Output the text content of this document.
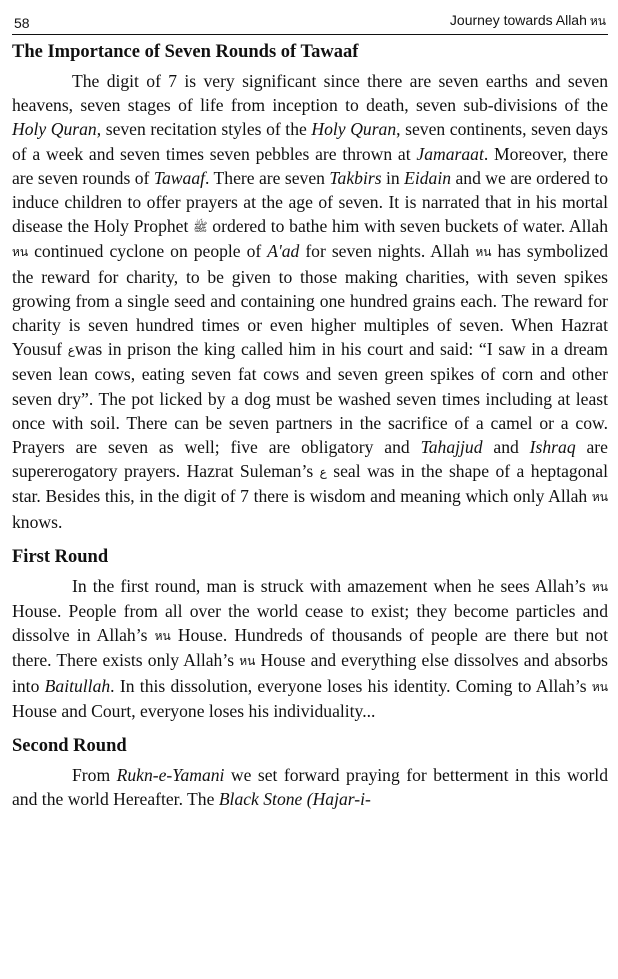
58	Journey towards Allah หน
The Importance of Seven Rounds of Tawaaf

The digit of 7 is very significant since there are seven earths and seven heavens, seven stages of life from inception to death, seven sub-divisions of the Holy Quran, seven recitation styles of the Holy Quran, seven continents, seven days of a week and seven times seven pebbles are thrown at Jamaraat. Moreover, there are seven rounds of Tawaaf. There are seven Takbirs in Eidain and we are ordered to induce children to offer prayers at the age of seven. It is narrated that in his mortal disease the Holy Prophet ﷺ ordered to bathe him with seven buckets of water. Allah หน continued cyclone on people of A'ad for seven nights. Allah หน has symbolized the reward for charity, to be given to those making charities, with seven spikes growing from a single seed and containing one hundred grains each. The reward for charity is seven hundred times or even higher multiples of seven. When Hazrat Yousuf عwas in prison the king called him in his court and said: “I saw in a dream seven lean cows, eating seven fat cows and seven green spikes of corn and other seven dry”. The pot licked by a dog must be washed seven times including at least once with soil. There can be seven partners in the sacrifice of a camel or a cow. Prayers are seven as well; five are obligatory and Tahajjud and Ishraq are supererogatory prayers. Hazrat Suleman’s ع seal was in the shape of a heptagonal star. Besides this, in the digit of 7 there is wisdom and meaning which only Allah หน knows.

First Round

In the first round, man is struck with amazement when he sees Allah’s หน House. People from all over the world cease to exist; they become particles and dissolve in Allah’s หน House. Hundreds of thousands of people are there but not there. There exists only Allah’s หน House and everything else dissolves and absorbs into Baitullah. In this dissolution, everyone loses his identity. Coming to Allah’s หน House and Court, everyone loses his individuality...

Second Round

From Rukn-e-Yamani we set forward praying for betterment in this world and the world Hereafter. The Black Stone (Hajar-i-
